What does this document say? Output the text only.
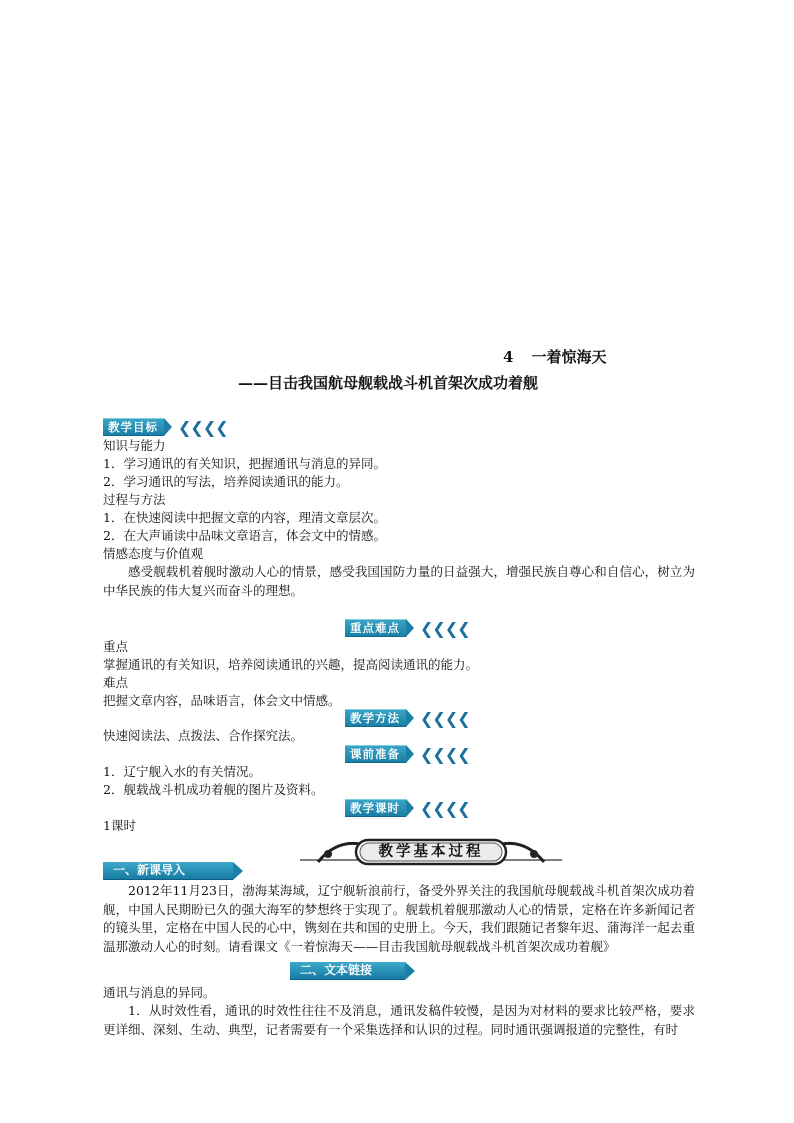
4 一着惊海天
——目击我国航母舰载战斗机首架次成功着舰
教学目标	❮❮❮❮
知识与能力
1．学习通讯的有关知识，把握通讯与消息的异同。
2．学习通讯的写法，培养阅读通讯的能力。
过程与方法
1．在快速阅读中把握文章的内容，理清文章层次。
2．在大声诵读中品味文章语言，体会文中的情感。
情感态度与价值观
感受舰载机着舰时激动人心的情景，感受我国国防力量的日益强大，增强民族自尊心和自信心，树立为中华民族的伟大复兴而奋斗的理想。
重点难点	❮❮❮❮
重点
掌握通讯的有关知识，培养阅读通讯的兴趣，提高阅读通讯的能力。
难点
把握文章内容，品味语言，体会文中情感。
教学方法	❮❮❮❮
快速阅读法、点拨法、合作探究法。
课前准备	❮❮❮❮
1．辽宁舰入水的有关情况。
2．舰载战斗机成功着舰的图片及资料。
教学课时	❮❮❮❮
1课时
教学基本过程
一、新课导入
2012年11月23日，渤海某海域，辽宁舰斩浪前行，备受外界关注的我国航母舰载战斗机首架次成功着舰，中国人民期盼已久的强大海军的梦想终于实现了。舰载机着舰那激动人心的情景，定格在许多新闻记者的镜头里，定格在中国人民的心中，镌刻在共和国的史册上。今天，我们跟随记者黎年迟、蒲海洋一起去重温那激动人心的时刻。请看课文《一着惊海天——目击我国航母舰载战斗机首架次成功着舰》
二、文本链接
通讯与消息的异同。
1．从时效性看，通讯的时效性往往不及消息，通讯发稿件较慢，是因为对材料的要求比较严格，要求更详细、深刻、生动、典型，记者需要有一个采集选择和认识的过程。同时通讯强调报道的完整性，有时
